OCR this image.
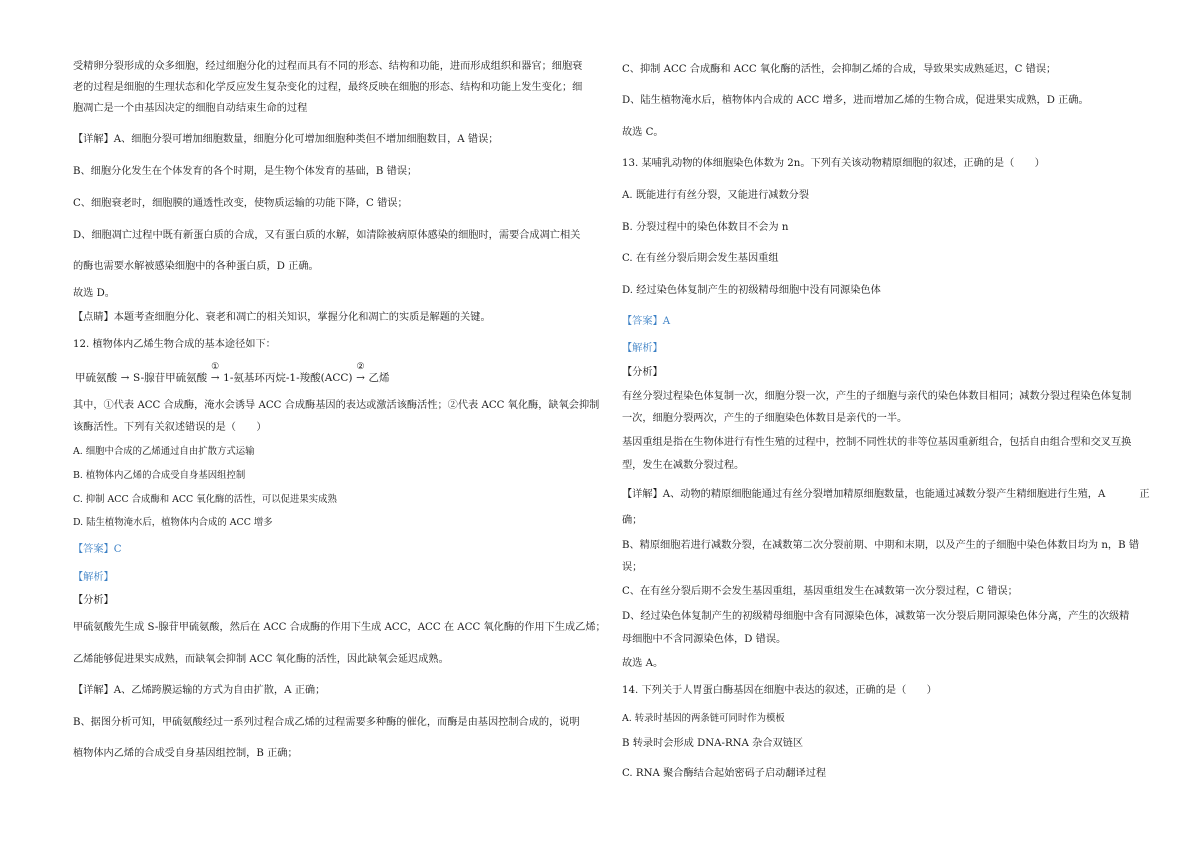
受精卵分裂形成的众多细胞，经过细胞分化的过程而具有不同的形态、结构和功能，进而形成组织和器官；细胞衰
老的过程是细胞的生理状态和化学反应发生复杂变化的过程，最终反映在细胞的形态、结构和功能上发生变化；细
胞凋亡是一个由基因决定的细胞自动结束生命的过程
【详解】A、细胞分裂可增加细胞数量，细胞分化可增加细胞种类但不增加细胞数目，A 错误；
B、细胞分化发生在个体发育的各个时期，是生物个体发育的基础，B 错误；
C、细胞衰老时，细胞膜的通透性改变，使物质运输的功能下降，C 错误；
D、细胞凋亡过程中既有新蛋白质的合成，又有蛋白质的水解，如清除被病原体感染的细胞时，需要合成凋亡相关
的酶也需要水解被感染细胞中的各种蛋白质，D 正确。
故选 D。
【点睛】本题考查细胞分化、衰老和凋亡的相关知识，掌握分化和凋亡的实质是解题的关键。
12. 植物体内乙烯生物合成的基本途径如下：
甲硫氨酸 → S-腺苷甲硫氨酸
①
→ 1-氨基环丙烷-1-羧酸(ACC)
②
→ 乙烯
其中，①代表 ACC 合成酶，淹水会诱导 ACC 合成酶基因的表达或激活该酶活性；②代表 ACC 氧化酶，缺氧会抑制
该酶活性。下列有关叙述错误的是（　　）
A. 细胞中合成的乙烯通过自由扩散方式运输
B. 植物体内乙烯的合成受自身基因组控制
C. 抑制 ACC 合成酶和 ACC 氧化酶的活性，可以促进果实成熟
D. 陆生植物淹水后，植物体内合成的 ACC 增多
【答案】C
【解析】
【分析】
甲硫氨酸先生成 S-腺苷甲硫氨酸，然后在 ACC 合成酶的作用下生成 ACC，ACC 在 ACC 氧化酶的作用下生成乙烯；
乙烯能够促进果实成熟，而缺氧会抑制 ACC 氧化酶的活性，因此缺氧会延迟成熟。
【详解】A、乙烯跨膜运输的方式为自由扩散，A 正确；
B、据图分析可知，甲硫氨酸经过一系列过程合成乙烯的过程需要多种酶的催化，而酶是由基因控制合成的，说明
植物体内乙烯的合成受自身基因组控制，B 正确；
C、抑制 ACC 合成酶和 ACC 氧化酶的活性，会抑制乙烯的合成，导致果实成熟延迟，C 错误；
D、陆生植物淹水后，植物体内合成的 ACC 增多，进而增加乙烯的生物合成，促进果实成熟，D 正确。
故选 C。
13. 某哺乳动物的体细胞染色体数为 2n。下列有关该动物精原细胞的叙述，正确的是（　　）
A. 既能进行有丝分裂，又能进行减数分裂
B. 分裂过程中的染色体数目不会为 n
C. 在有丝分裂后期会发生基因重组
D. 经过染色体复制产生的初级精母细胞中没有同源染色体
【答案】A
【解析】
【分析】
有丝分裂过程染色体复制一次，细胞分裂一次，产生的子细胞与亲代的染色体数目相同；减数分裂过程染色体复制
一次，细胞分裂两次，产生的子细胞染色体数目是亲代的一半。
基因重组是指在生物体进行有性生殖的过程中，控制不同性状的非等位基因重新组合，包括自由组合型和交叉互换
型，发生在减数分裂过程。
【详解】A、动物的精原细胞能通过有丝分裂增加精原细胞数量，也能通过减数分裂产生精细胞进行生殖，A	正
确；
B、精原细胞若进行减数分裂，在减数第二次分裂前期、中期和末期，以及产生的子细胞中染色体数目均为 n，B 错
误；
C、在有丝分裂后期不会发生基因重组，基因重组发生在减数第一次分裂过程，C 错误；
D、经过染色体复制产生的初级精母细胞中含有同源染色体，减数第一次分裂后期同源染色体分离，产生的次级精
母细胞中不含同源染色体，D 错误。
故选 A。
14. 下列关于人胃蛋白酶基因在细胞中表达的叙述，正确的是（　　）
A. 转录时基因的两条链可同时作为模板
B 转录时会形成 DNA-RNA 杂合双链区
C. RNA 聚合酶结合起始密码子启动翻译过程
